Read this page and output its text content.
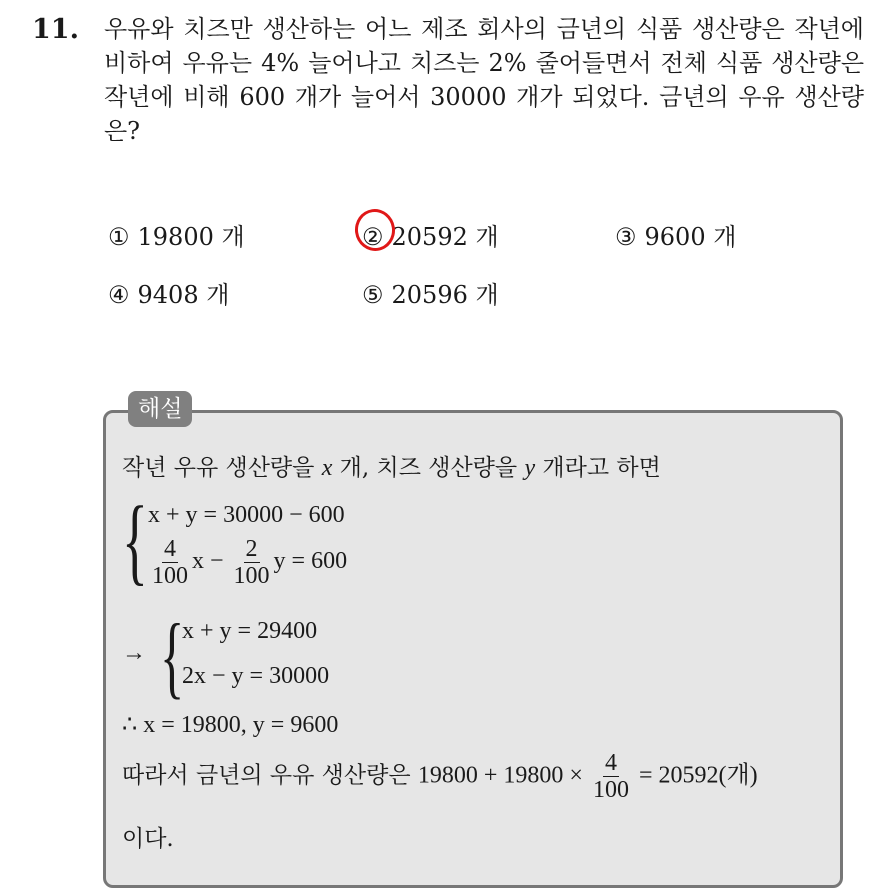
11. 우유와 치즈만 생산하는 어느 제조 회사의 금년의 식품 생산량은 작년에 비하여 우유는 4% 늘어나고 치즈는 2% 줄어들면서 전체 식품 생산량은 작년에 비해 600 개가 늘어서 30000 개가 되었다. 금년의 우유 생산량은?
① 19800 개	② 20592 개	③ 9600 개
④ 9408 개	⑤ 20596 개
해설
작년 우유 생산량을 x 개, 치즈 생산량을 y 개라고 하면
{ x + y = 30000 − 600
$\frac{4}{100}$ $x - \frac{2}{100}$ y = 600
→ {
x + y = 29400
2x − y = 30000
∴ x = 19800, y = 9600
따라서 금년의 우유 생산량은 $19800 + 19800 \times \frac{4}{100} = 20592$(개)
이다.
